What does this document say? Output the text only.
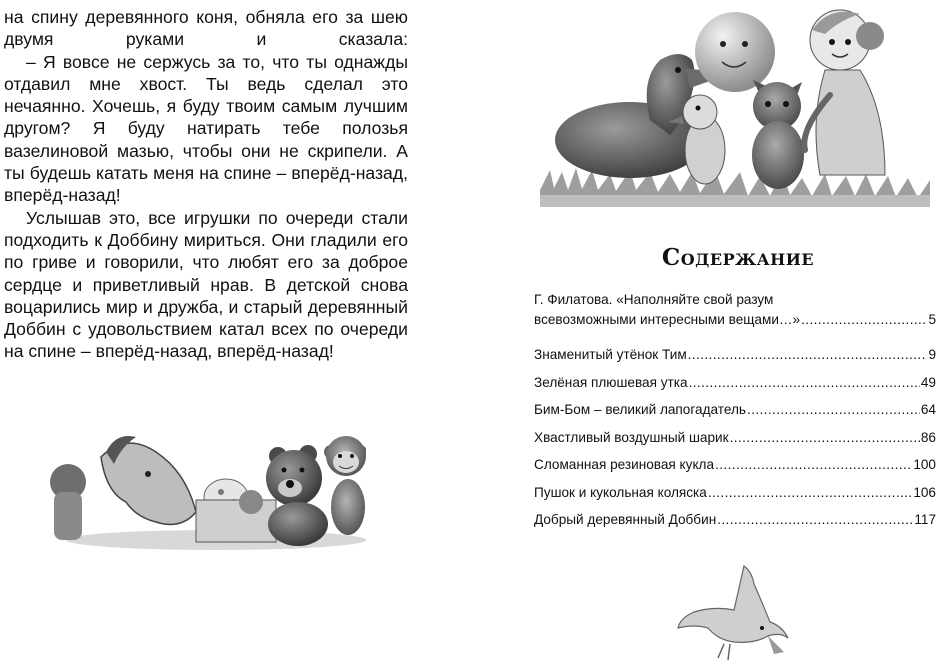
на спину деревянного коня, обняла его за шею двумя руками и сказала:

– Я вовсе не сержусь за то, что ты однажды отдавил мне хвост. Ты ведь сделал это нечаянно. Хочешь, я буду твоим самым лучшим другом? Я буду натирать тебе полозья вазелиновой мазью, чтобы они не скрипели. А ты будешь катать меня на спине – вперёд-назад, вперёд-назад!

Услышав это, все игрушки по очереди стали подходить к Доббину мириться. Они гладили его по гриве и говорили, что любят его за доброе сердце и приветливый нрав. В детской снова воцарились мир и дружба, и старый деревянный Доббин с удовольствием катал всех по очереди на спине – вперёд-назад, вперёд-назад!

Содержание
Г. Филатова. «Наполняйте свой разум
всевозможными интересными вещами…» .....	5
Знаменитый утёнок Тим .....	9
Зелёная плюшевая утка .....	49
Бим-Бом – великий лапогадатель .....	64
Хвастливый воздушный шарик .....	86
Сломанная резиновая кукла .....	100
Пушок и кукольная коляска .....	106
Добрый деревянный Доббин .....	117
